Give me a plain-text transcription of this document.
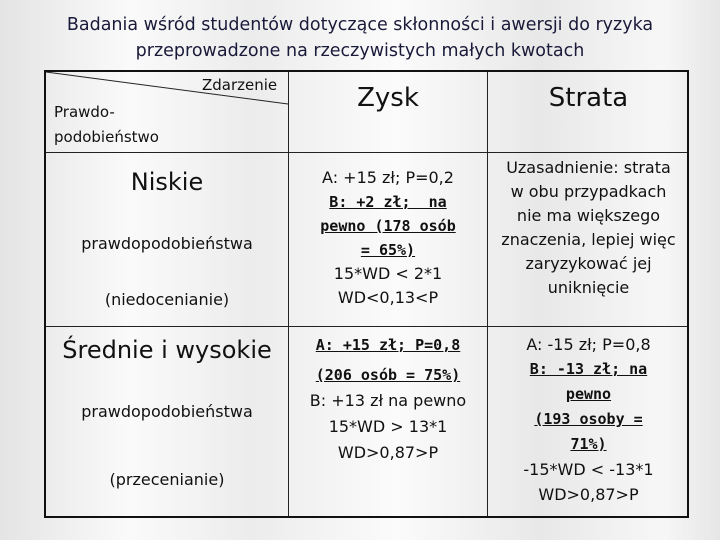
Badania wśród studentów dotyczące skłonności i awersji do ryzyka
przeprowadzone na rzeczywistych małych kwotach
Zdarzenie
Prawdo-
podobieństwo
Zysk	Strata
Niskie
prawdopodobieństwa
(niedocenianie)
A: +15 zł; P=0,2
B: +2 zł;  na
pewno (178 osób
= 65%)
15*WD < 2*1
WD<0,13<P
Uzasadnienie: strata
w obu przypadkach
nie ma większego
znaczenia, lepiej więc
zaryzykować jej
uniknięcie
Średnie i wysokie
prawdopodobieństwa
(przecenianie)
A: +15 zł; P=0,8
(206 osób = 75%)
B: +13 zł na pewno
15*WD > 13*1
WD>0,87>P
A: -15 zł; P=0,8
B: -13 zł; na
pewno
(193 osoby =
71%)
-15*WD < -13*1
WD>0,87>P
